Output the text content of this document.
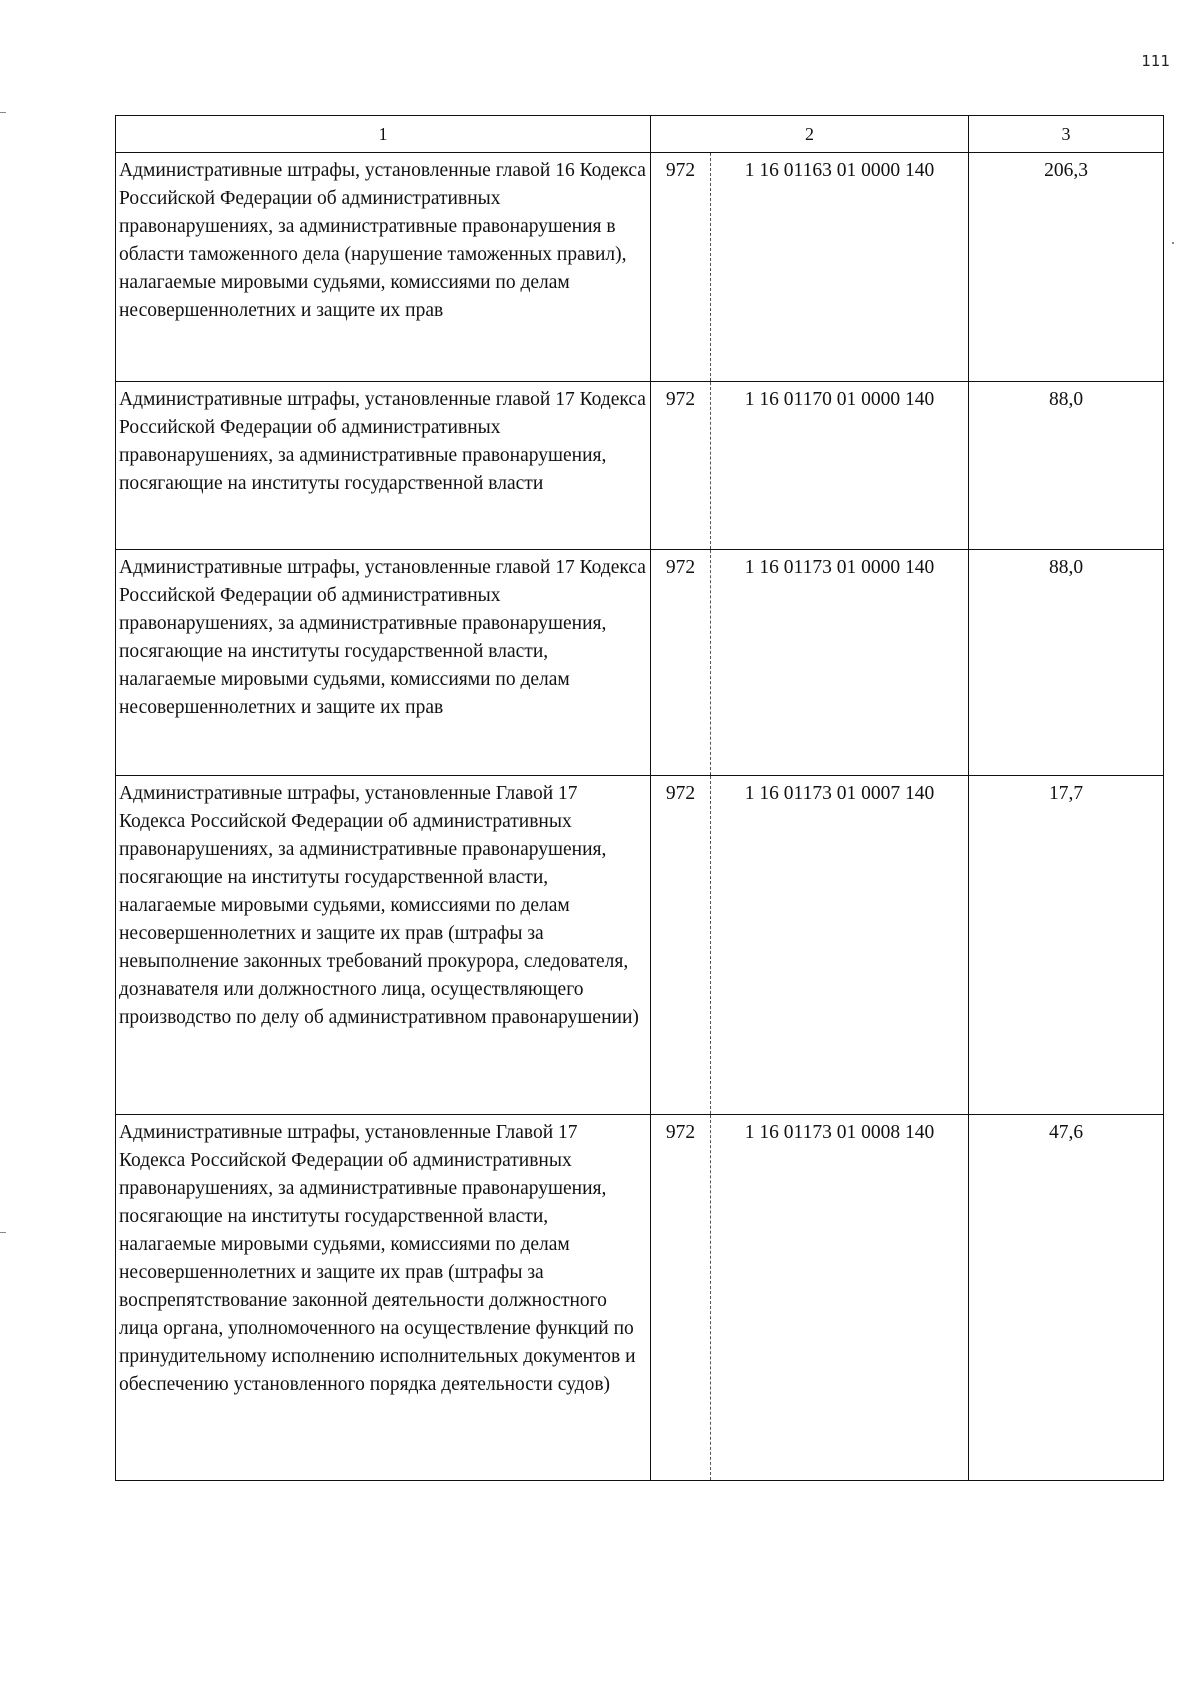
111
1	2		3
Административные штрафы, установленные главой 16 Кодекса Российской Федерации об административных правонарушениях, за административные правонарушения в области таможенного дела (нарушение таможенных правил), налагаемые мировыми судьями, комиссиями по делам несовершеннолетних и защите их прав	972	1 16 01163 01 0000 140	206,3
Административные штрафы, установленные главой 17 Кодекса Российской Федерации об административных правонарушениях, за административные правонарушения, посягающие на институты государственной власти	972	1 16 01170 01 0000 140	88,0
Административные штрафы, установленные главой 17 Кодекса Российской Федерации об административных правонарушениях, за административные правонарушения, посягающие на институты государственной власти, налагаемые мировыми судьями, комиссиями по делам несовершеннолетних и защите их прав	972	1 16 01173 01 0000 140	88,0
Административные штрафы, установленные Главой 17 Кодекса Российской Федерации об административных правонарушениях, за административные правонарушения, посягающие на институты государственной власти, налагаемые мировыми судьями, комиссиями по делам несовершеннолетних и защите их прав (штрафы за невыполнение законных требований прокурора, следователя, дознавателя или должностного лица, осуществляющего производство по делу об административном правонарушении)	972	1 16 01173 01 0007 140	17,7
Административные штрафы, установленные Главой 17 Кодекса Российской Федерации об административных правонарушениях, за административные правонарушения, посягающие на институты государственной власти, налагаемые мировыми судьями, комиссиями по делам несовершеннолетних и защите их прав (штрафы за воспрепятствование законной деятельности должностного лица органа, уполномоченного на осуществление функций по принудительному исполнению исполнительных документов и обеспечению установленного порядка деятельности судов)	972	1 16 01173 01 0008 140	47,6
